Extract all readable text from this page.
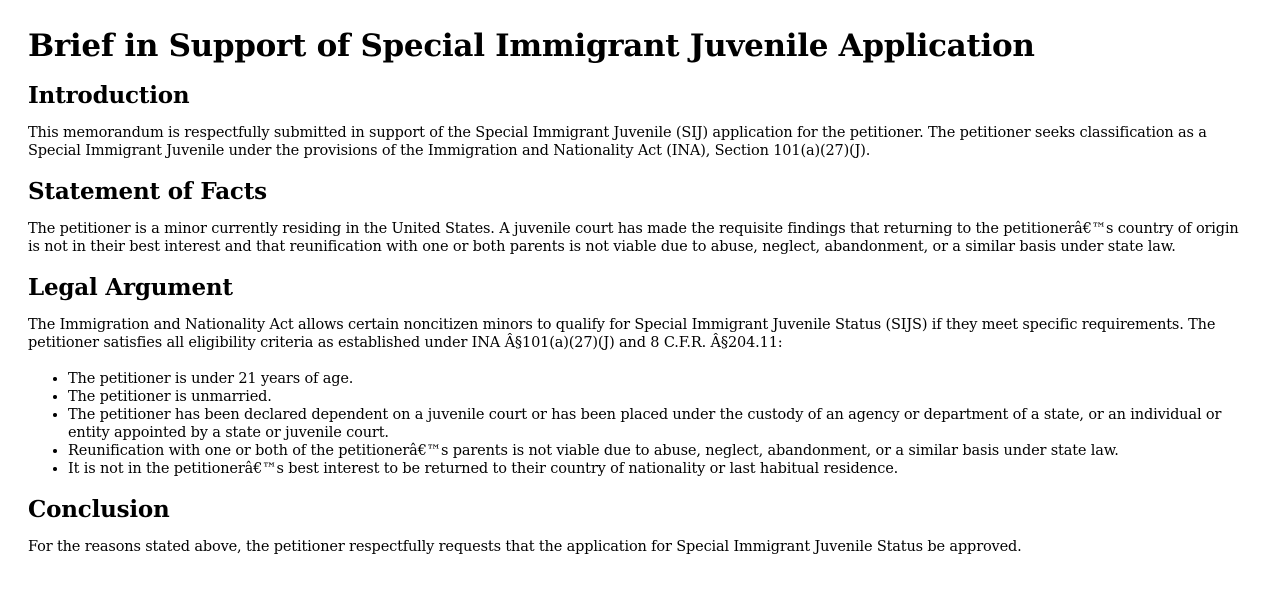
Brief in Support of Special Immigrant Juvenile Application
Introduction

This memorandum is respectfully submitted in support of the Special Immigrant Juvenile (SIJ) application for the petitioner. The petitioner seeks classification as a Special Immigrant Juvenile under the provisions of the Immigration and Nationality Act (INA), Section 101(a)(27)(J).

Statement of Facts

The petitioner is a minor currently residing in the United States. A juvenile court has made the requisite findings that returning to the petitionerâ€™s country of origin is not in their best interest and that reunification with one or both parents is not viable due to abuse, neglect, abandonment, or a similar basis under state law.

Legal Argument

The Immigration and Nationality Act allows certain noncitizen minors to qualify for Special Immigrant Juvenile Status (SIJS) if they meet specific requirements. The petitioner satisfies all eligibility criteria as established under INA Â§101(a)(27)(J) and 8 C.F.R. Â§204.11:

• The petitioner is under 21 years of age.
• The petitioner is unmarried.
• The petitioner has been declared dependent on a juvenile court or has been placed under the custody of an agency or department of a state, or an individual or entity appointed by a state or juvenile court.
• Reunification with one or both of the petitionerâ€™s parents is not viable due to abuse, neglect, abandonment, or a similar basis under state law.
• It is not in the petitionerâ€™s best interest to be returned to their country of nationality or last habitual residence.
Conclusion

For the reasons stated above, the petitioner respectfully requests that the application for Special Immigrant Juvenile Status be approved.
